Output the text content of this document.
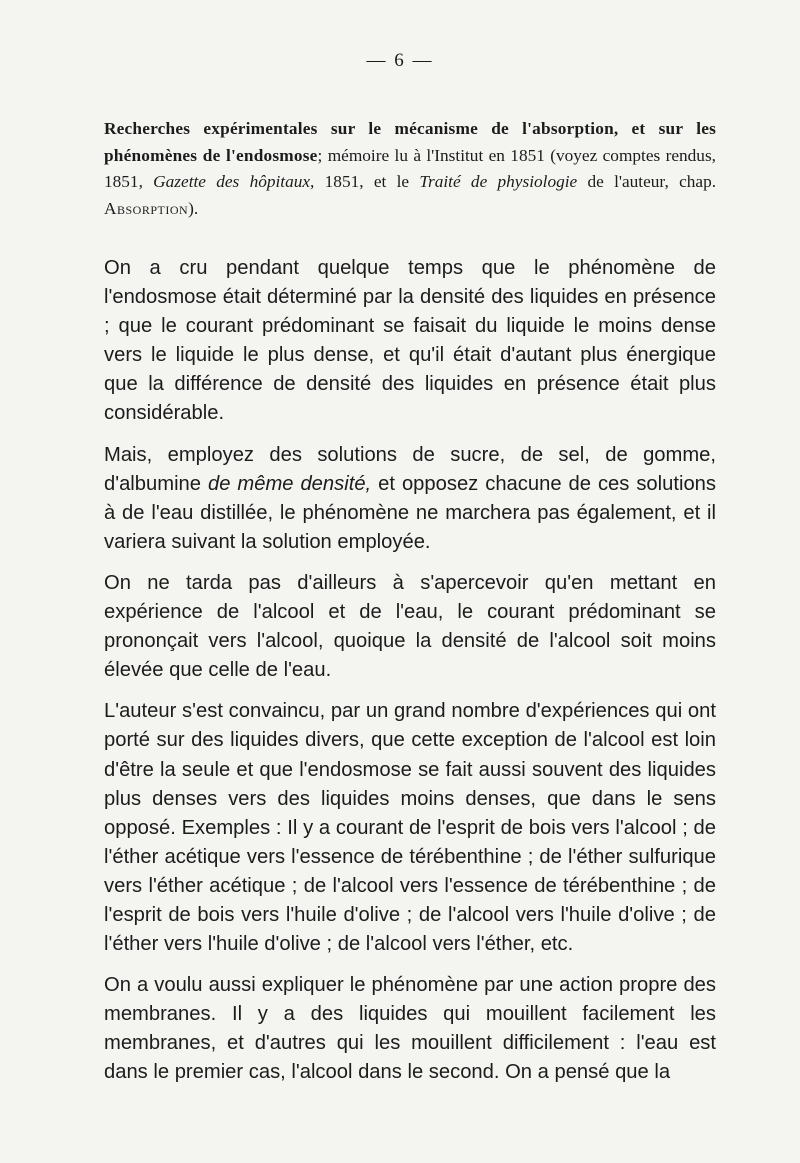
— 6 —

Recherches expérimentales sur le mécanisme de l'absorption, et sur les phénomènes de l'endosmose; mémoire lu à l'Institut en 1851 (voyez comptes rendus, 1851, Gazette des hôpitaux, 1851, et le Traité de physiologie de l'auteur, chap. Absorption).

On a cru pendant quelque temps que le phénomène de l'endosmose était déterminé par la densité des liquides en présence ; que le courant prédominant se faisait du liquide le moins dense vers le liquide le plus dense, et qu'il était d'autant plus énergique que la différence de densité des liquides en présence était plus considérable.

Mais, employez des solutions de sucre, de sel, de gomme, d'albumine de même densité, et opposez chacune de ces solutions à de l'eau distillée, le phénomène ne marchera pas également, et il variera suivant la solution employée.

On ne tarda pas d'ailleurs à s'apercevoir qu'en mettant en expérience de l'alcool et de l'eau, le courant prédominant se prononçait vers l'alcool, quoique la densité de l'alcool soit moins élevée que celle de l'eau.

L'auteur s'est convaincu, par un grand nombre d'expériences qui ont porté sur des liquides divers, que cette exception de l'alcool est loin d'être la seule et que l'endosmose se fait aussi souvent des liquides plus denses vers des liquides moins denses, que dans le sens opposé. Exemples : Il y a courant de l'esprit de bois vers l'alcool ; de l'éther acétique vers l'essence de térébenthine ; de l'éther sulfurique vers l'éther acétique ; de l'alcool vers l'essence de térébenthine ; de l'esprit de bois vers l'huile d'olive ; de l'alcool vers l'huile d'olive ; de l'éther vers l'huile d'olive ; de l'alcool vers l'éther, etc.

On a voulu aussi expliquer le phénomène par une action propre des membranes. Il y a des liquides qui mouillent facilement les membranes, et d'autres qui les mouillent difficilement : l'eau est dans le premier cas, l'alcool dans le second. On a pensé que la
